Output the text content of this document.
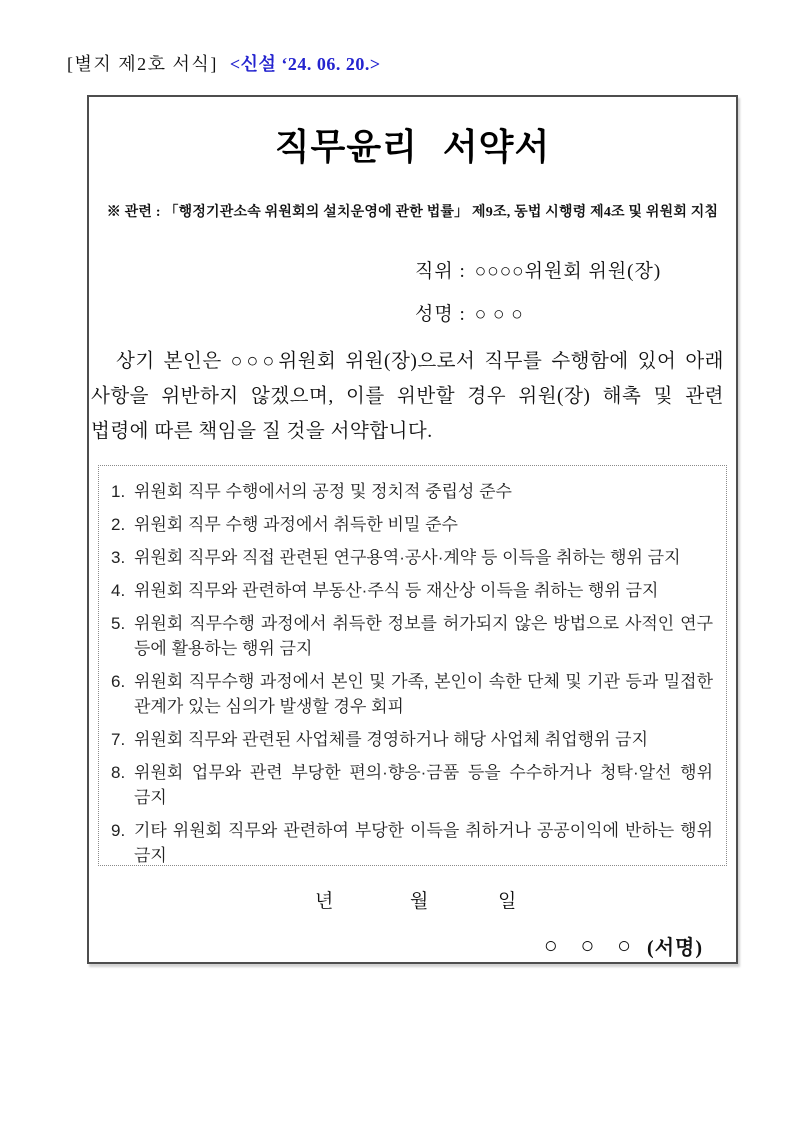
[별지 제2호 서식] <신설 ‘24. 06. 20.>
직무윤리 서약서
※ 관련 : 「행정기관소속 위원회의 설치운영에 관한 법률」 제9조, 동법 시행령 제4조 및 위원회 지침
직위 : ○○○○위원회 위원(장)
성명 : ○ ○ ○
상기 본인은 ○○○위원회 위원(장)으로서 직무를 수행함에 있어 아래
사항을 위반하지 않겠으며, 이를 위반할 경우 위원(장) 해촉 및 관련
법령에 따른 책임을 질 것을 서약합니다.
1. 위원회 직무 수행에서의 공정 및 정치적 중립성 준수
2. 위원회 직무 수행 과정에서 취득한 비밀 준수
3. 위원회 직무와 직접 관련된 연구용역·공사·계약 등 이득을 취하는 행위 금지
4. 위원회 직무와 관련하여 부동산·주식 등 재산상 이득을 취하는 행위 금지
5. 위원회 직무수행 과정에서 취득한 정보를 허가되지 않은 방법으로 사적인 연구 등에 활용하는 행위 금지
6. 위원회 직무수행 과정에서 본인 및 가족, 본인이 속한 단체 및 기관 등과 밀접한 관계가 있는 심의가 발생할 경우 회피
7. 위원회 직무와 관련된 사업체를 경영하거나 해당 사업체 취업행위 금지
8. 위원회 업무와 관련 부당한 편의·향응·금품 등을 수수하거나 청탁·알선 행위 금지
9. 기타 위원회 직무와 관련하여 부당한 이득을 취하거나 공공이익에 반하는 행위 금지
년	월	일
○ ○ ○ (서명)
